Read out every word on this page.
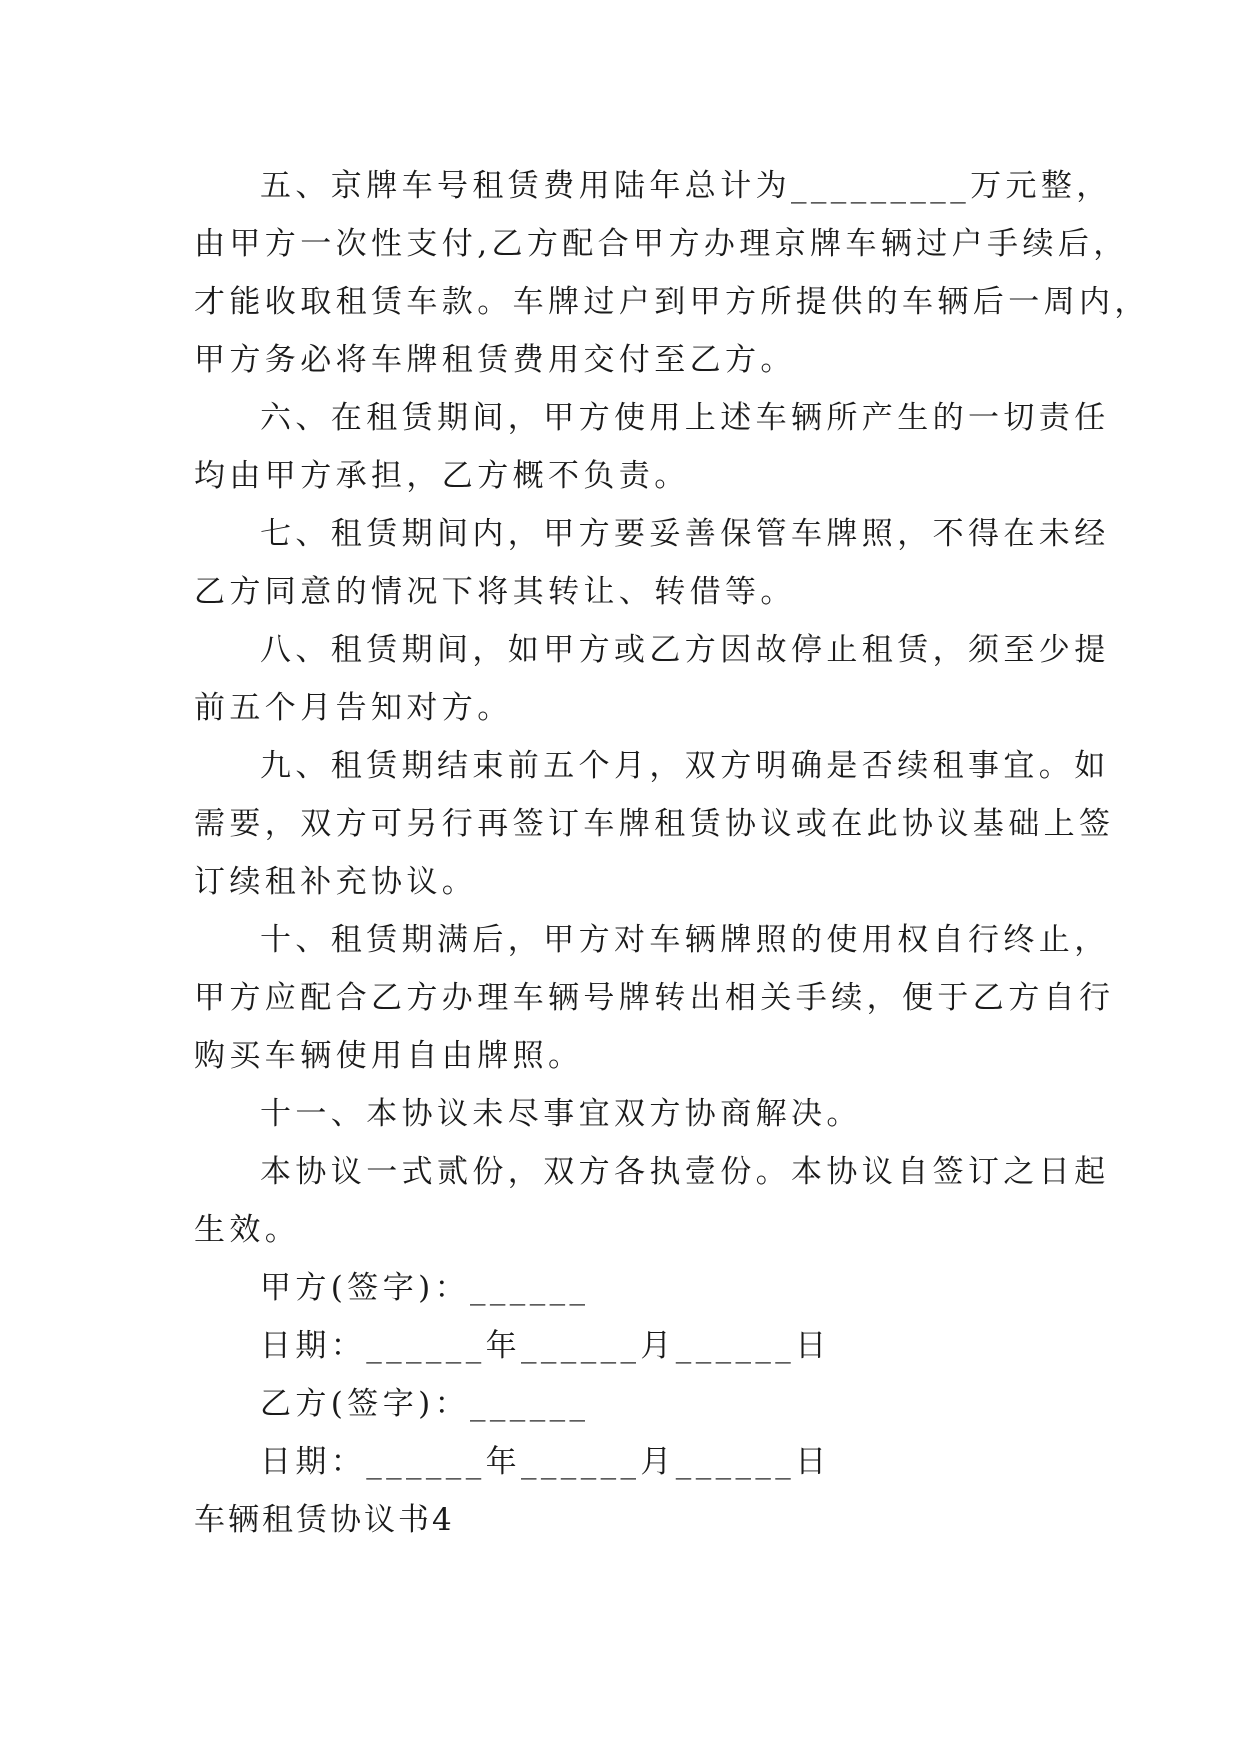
五、京牌车号租赁费用陆年总计为_________万元整，
由甲方一次性支付,乙方配合甲方办理京牌车辆过户手续后，
才能收取租赁车款。车牌过户到甲方所提供的车辆后一周内，
甲方务必将车牌租赁费用交付至乙方。
六、在租赁期间，甲方使用上述车辆所产生的一切责任
均由甲方承担，乙方概不负责。
七、租赁期间内，甲方要妥善保管车牌照，不得在未经
乙方同意的情况下将其转让、转借等。
八、租赁期间，如甲方或乙方因故停止租赁，须至少提
前五个月告知对方。
九、租赁期结束前五个月，双方明确是否续租事宜。如
需要，双方可另行再签订车牌租赁协议或在此协议基础上签
订续租补充协议。
十、租赁期满后，甲方对车辆牌照的使用权自行终止，
甲方应配合乙方办理车辆号牌转出相关手续，便于乙方自行
购买车辆使用自由牌照。
十一、本协议未尽事宜双方协商解决。
本协议一式贰份，双方各执壹份。本协议自签订之日起
生效。
甲方(签字)：______
日期：______年______月______日
乙方(签字)：______
日期：______年______月______日
车辆租赁协议书4
